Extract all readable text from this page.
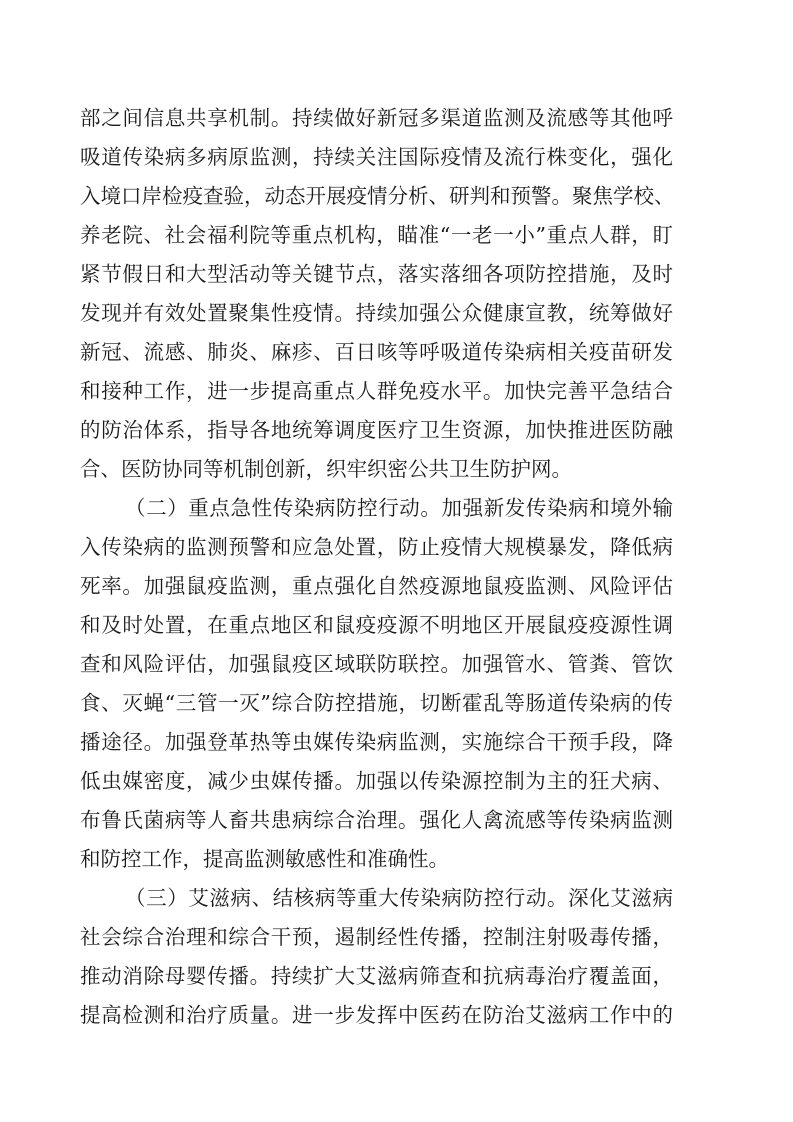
部之间信息共享机制。持续做好新冠多渠道监测及流感等其他呼
吸道传染病多病原监测，持续关注国际疫情及流行株变化，强化
入境口岸检疫查验，动态开展疫情分析、研判和预警。聚焦学校、
养老院、社会福利院等重点机构，瞄准“一老一小”重点人群，盯
紧节假日和大型活动等关键节点，落实落细各项防控措施，及时
发现并有效处置聚集性疫情。持续加强公众健康宣教，统筹做好
新冠、流感、肺炎、麻疹、百日咳等呼吸道传染病相关疫苗研发
和接种工作，进一步提高重点人群免疫水平。加快完善平急结合
的防治体系，指导各地统筹调度医疗卫生资源，加快推进医防融
合、医防协同等机制创新，织牢织密公共卫生防护网。
（二）重点急性传染病防控行动。加强新发传染病和境外输
入传染病的监测预警和应急处置，防止疫情大规模暴发，降低病
死率。加强鼠疫监测，重点强化自然疫源地鼠疫监测、风险评估
和及时处置，在重点地区和鼠疫疫源不明地区开展鼠疫疫源性调
查和风险评估，加强鼠疫区域联防联控。加强管水、管粪、管饮
食、灭蝇“三管一灭”综合防控措施，切断霍乱等肠道传染病的传
播途径。加强登革热等虫媒传染病监测，实施综合干预手段，降
低虫媒密度，减少虫媒传播。加强以传染源控制为主的狂犬病、
布鲁氏菌病等人畜共患病综合治理。强化人禽流感等传染病监测
和防控工作，提高监测敏感性和准确性。
（三）艾滋病、结核病等重大传染病防控行动。深化艾滋病
社会综合治理和综合干预，遏制经性传播，控制注射吸毒传播，
推动消除母婴传播。持续扩大艾滋病筛查和抗病毒治疗覆盖面，
提高检测和治疗质量。进一步发挥中医药在防治艾滋病工作中的
